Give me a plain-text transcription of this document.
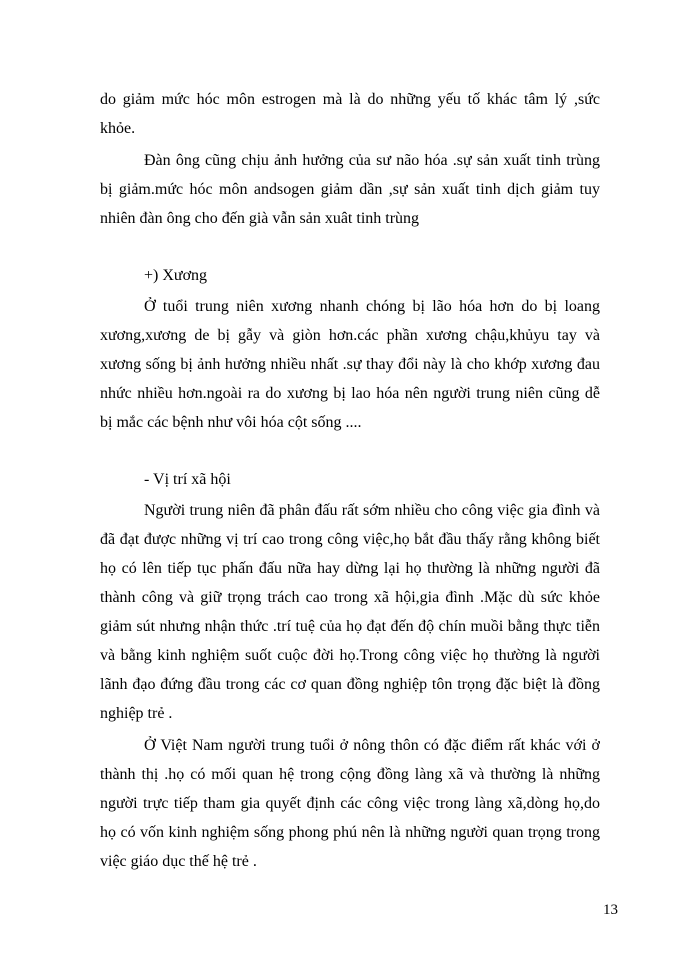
do giảm mức hóc môn estrogen mà là do những yếu tố khác tâm lý ,sức
khỏe.
Đàn ông cũng chịu ảnh hưởng của sư não hóa .sự sản xuất tinh trùng
bị giảm.mức hóc môn andsogen giảm dần ,sự sản xuất tinh dịch giảm tuy
nhiên đàn ông cho đến già vẫn sản xuât tinh trùng
+) Xương
Ở tuổi trung niên xương nhanh chóng bị lão hóa hơn do bị loang
xương,xương de bị gẫy và giòn hơn.các phần xương chậu,khủyu tay và
xương sống bị ảnh hưởng nhiều nhất .sự thay đổi này là cho khớp xương đau
nhức nhiều hơn.ngoài ra do xương bị lao hóa nên người trung niên cũng dễ
bị mắc các bệnh như vôi hóa cột sống ....
- Vị trí xã hội
Người trung niên đã phân đấu rất sớm nhiều cho công việc gia đình và
đã đạt được những vị trí cao trong công việc,họ bắt đầu thấy rằng không biết
họ có lên tiếp tục phấn đấu nữa hay dừng lại họ thường là những người đã
thành công và giữ trọng trách cao trong xã hội,gia đình .Mặc dù sức khỏe
giảm sút nhưng nhận thức .trí tuệ của họ đạt đến độ chín muồi bằng thực tiễn
và bằng kinh nghiệm suốt cuộc đời họ.Trong công việc họ thường là người
lãnh đạo đứng đầu trong các cơ quan đồng nghiệp tôn trọng đặc biệt là đồng
nghiệp trẻ .
Ở Việt Nam người trung tuổi ở nông thôn có đặc điểm rất khác với ở
thành thị .họ có mối quan hệ trong cộng đồng làng xã và thường là những
người trực tiếp tham gia quyết định các công việc trong làng xã,dòng họ,do
họ có vốn kinh nghiệm sống phong phú nên là những người quan trọng trong
việc giáo dục thế hệ trẻ .
13
